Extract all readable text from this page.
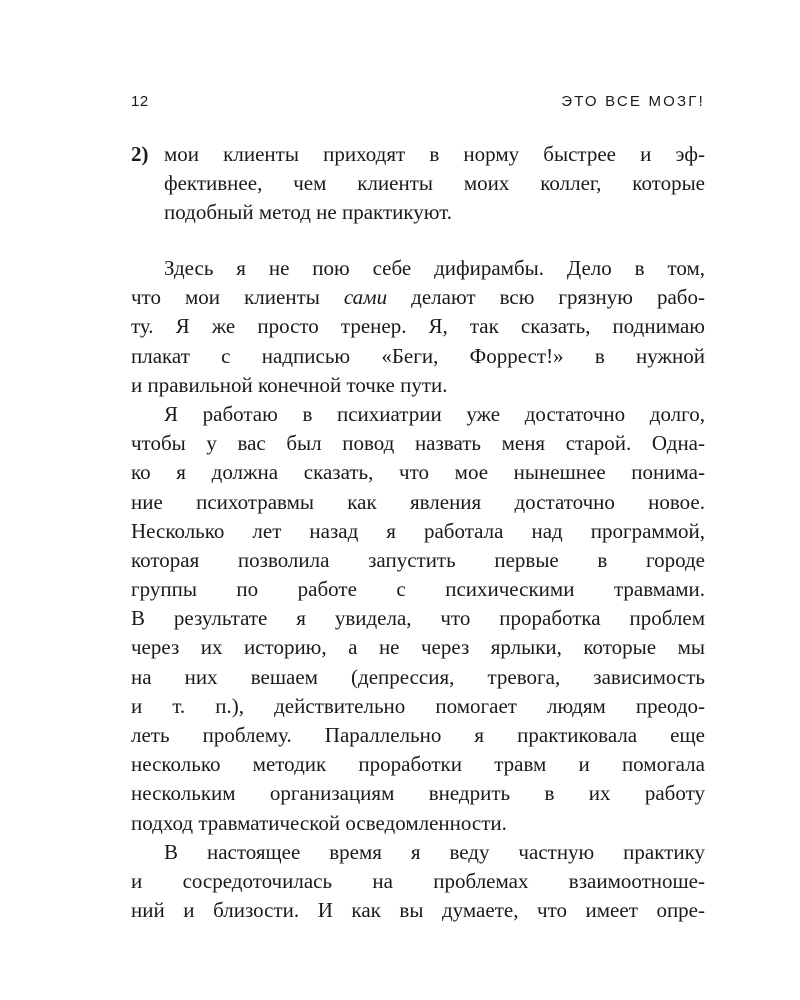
12	ЭТО ВСЕ МОЗГ!
2) мои клиенты приходят в норму быстрее и эф-
фективнее, чем клиенты моих коллег, которые
подобный метод не практикуют.
Здесь я не пою себе дифирамбы. Дело в том,
что мои клиенты сами делают всю грязную рабо-
ту. Я же просто тренер. Я, так сказать, поднимаю
плакат с надписью «Беги, Форрест!» в нужной
и правильной конечной точке пути.
Я работаю в психиатрии уже достаточно долго,
чтобы у вас был повод назвать меня старой. Одна-
ко я должна сказать, что мое нынешнее понима-
ние психотравмы как явления достаточно новое.
Несколько лет назад я работала над программой,
которая позволила запустить первые в городе
группы по работе с психическими травмами.
В результате я увидела, что проработка проблем
через их историю, а не через ярлыки, которые мы
на них вешаем (депрессия, тревога, зависимость
и т. п.), действительно помогает людям преодо-
леть проблему. Параллельно я практиковала еще
несколько методик проработки травм и помогала
нескольким организациям внедрить в их работу
подход травматической осведомленности.
В настоящее время я веду частную практику
и сосредоточилась на проблемах взаимоотноше-
ний и близости. И как вы думаете, что имеет опре-
